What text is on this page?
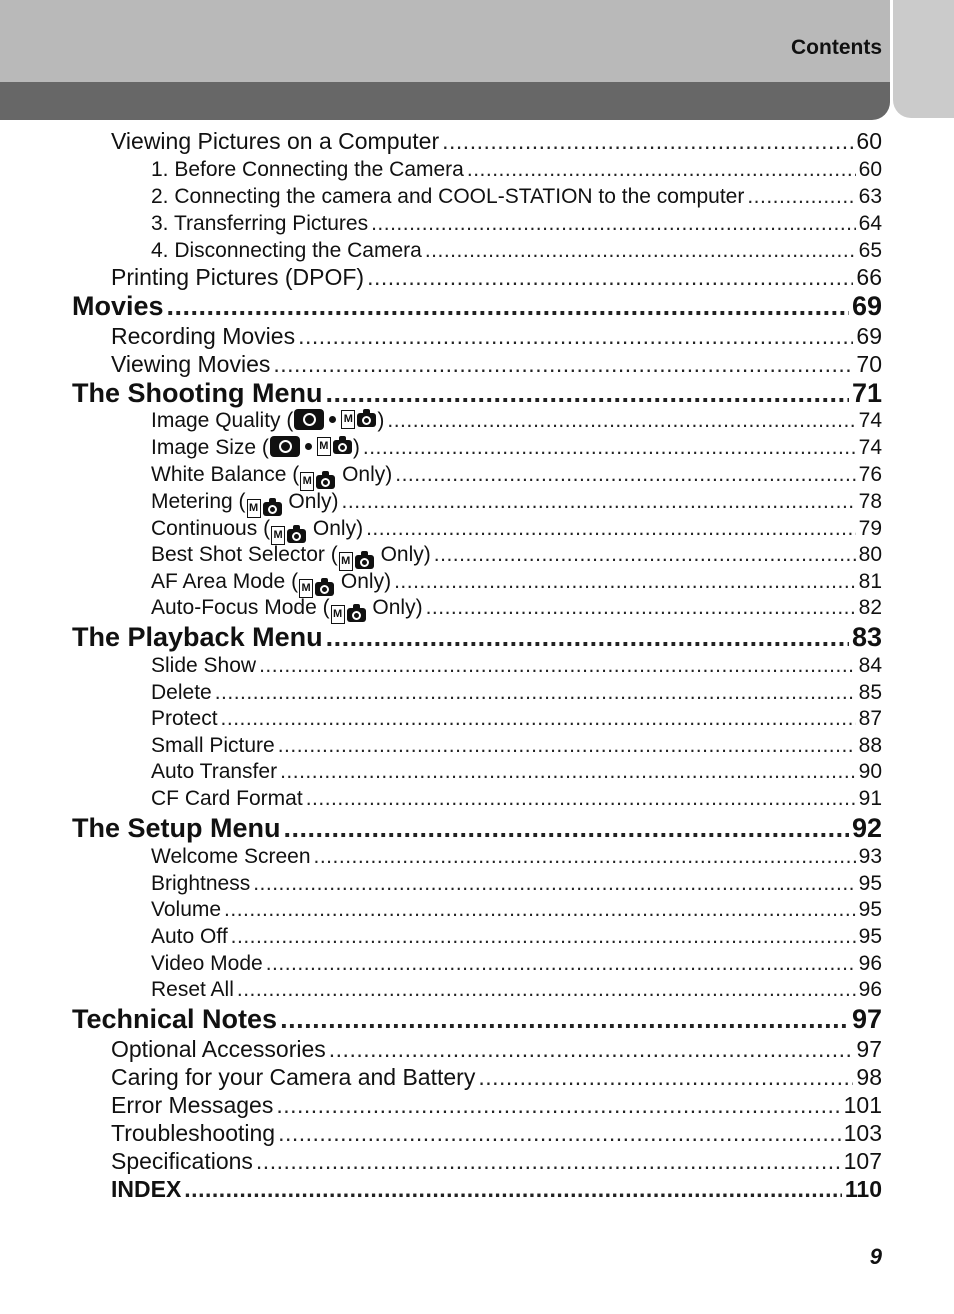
Contents
Viewing Pictures on a Computer .....	60
1. Before Connecting the Camera .....	60
2. Connecting the camera and COOL-STATION to the computer .....	63
3. Transferring Pictures .....	64
4. Disconnecting the Camera .....	65
Printing Pictures (DPOF) .....	66
Movies .....	69
Recording Movies .....	69
Viewing Movies .....	70
The Shooting Menu .....	71
Image Quality (	M ) .....	74
Image Size (	M ) .....	74
White Balance ( M Only) .....	76
Metering ( M Only) .....	78
Continuous ( M Only) .....	79
Best Shot Selector ( M Only) .....	80
AF Area Mode ( M Only) .....	81
Auto-Focus Mode ( M Only) .....	82
The Playback Menu .....	83
Slide Show .....	84
Delete .....	85
Protect .....	87
Small Picture .....	88
Auto Transfer .....	90
CF Card Format .....	91
The Setup Menu .....	92
Welcome Screen .....	93
Brightness .....	95
Volume .....	95
Auto Off .....	95
Video Mode .....	96
Reset All .....	96
Technical Notes .....	97
Optional Accessories .....	97
Caring for your Camera and Battery .....	98
Error Messages .....	101
Troubleshooting .....	103
Specifications .....	107
INDEX .....	110
9
